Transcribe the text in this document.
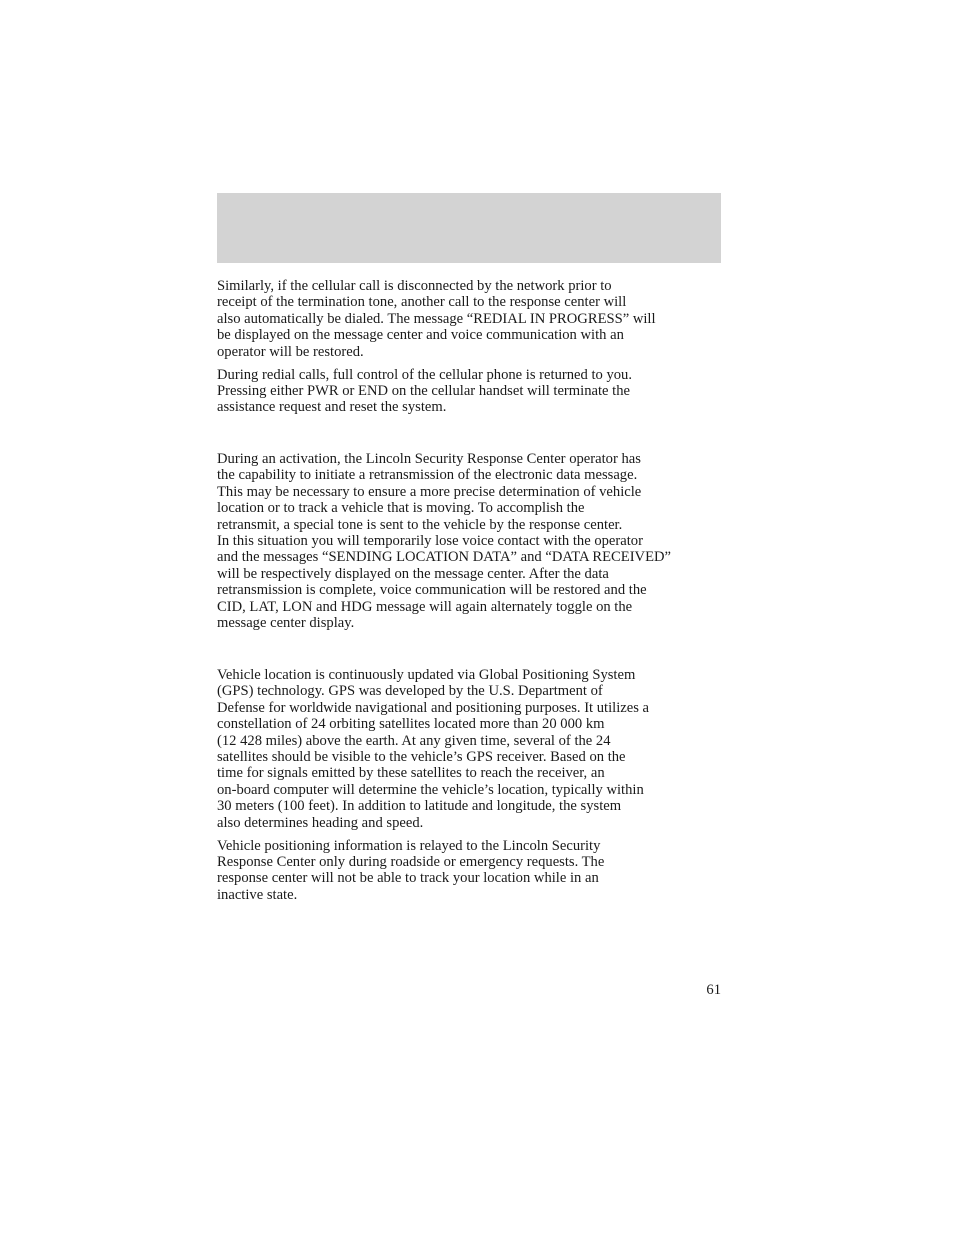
Similarly, if the cellular call is disconnected by the network prior to

receipt of the termination tone, another call to the response center will

also automatically be dialed. The message “REDIAL IN PROGRESS” will

be displayed on the message center and voice communication with an

operator will be restored.

During redial calls, full control of the cellular phone is returned to you.

Pressing either PWR or END on the cellular handset will terminate the

assistance request and reset the system.

During an activation, the Lincoln Security Response Center operator has

the capability to initiate a retransmission of the electronic data message.

This may be necessary to ensure a more precise determination of vehicle

location or to track a vehicle that is moving. To accomplish the

retransmit, a special tone is sent to the vehicle by the response center.

In this situation you will temporarily lose voice contact with the operator

and the messages “SENDING LOCATION DATA” and “DATA RECEIVED”

will be respectively displayed on the message center. After the data

retransmission is complete, voice communication will be restored and the

CID, LAT, LON and HDG message will again alternately toggle on the

message center display.

Vehicle location is continuously updated via Global Positioning System

(GPS) technology. GPS was developed by the U.S. Department of

Defense for worldwide navigational and positioning purposes. It utilizes a

constellation of 24 orbiting satellites located more than 20 000 km

(12 428 miles) above the earth. At any given time, several of the 24

satellites should be visible to the vehicle’s GPS receiver. Based on the

time for signals emitted by these satellites to reach the receiver, an

on-board computer will determine the vehicle’s location, typically within

30 meters (100 feet). In addition to latitude and longitude, the system

also determines heading and speed.

Vehicle positioning information is relayed to the Lincoln Security

Response Center only during roadside or emergency requests. The

response center will not be able to track your location while in an

inactive state.

61
